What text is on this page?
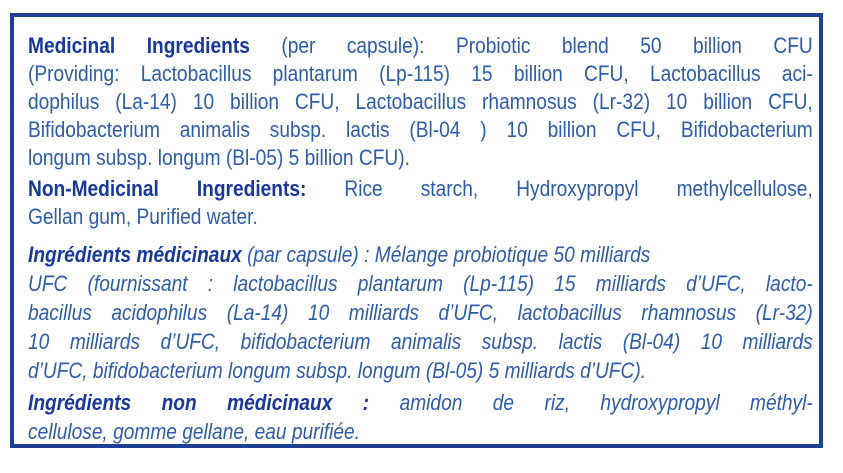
Medicinal Ingredients (per capsule): Probiotic blend 50 billion CFU
(Providing: Lactobacillus plantarum (Lp-115) 15 billion CFU, Lactobacillus aci-
dophilus (La-14) 10 billion CFU, Lactobacillus rhamnosus (Lr-32) 10 billion CFU,
Bifidobacterium animalis subsp. lactis (Bl-04 ) 10 billion CFU, Bifidobacterium
longum subsp. longum (Bl-05) 5 billion CFU).
Non-Medicinal Ingredients: Rice starch, Hydroxypropyl methylcellulose,
Gellan gum, Purified water.
Ingrédients médicinaux (par capsule) : Mélange probiotique 50 milliards
UFC (fournissant : lactobacillus plantarum (Lp-115) 15 milliards d’UFC, lacto-
bacillus acidophilus (La-14) 10 milliards d’UFC, lactobacillus rhamnosus (Lr-32)
10 milliards d’UFC, bifidobacterium animalis subsp. lactis (Bl-04) 10 milliards
d’UFC, bifidobacterium longum subsp. longum (Bl-05) 5 milliards d’UFC).
Ingrédients non médicinaux : amidon de riz, hydroxypropyl méthyl-
cellulose, gomme gellane, eau purifiée.
